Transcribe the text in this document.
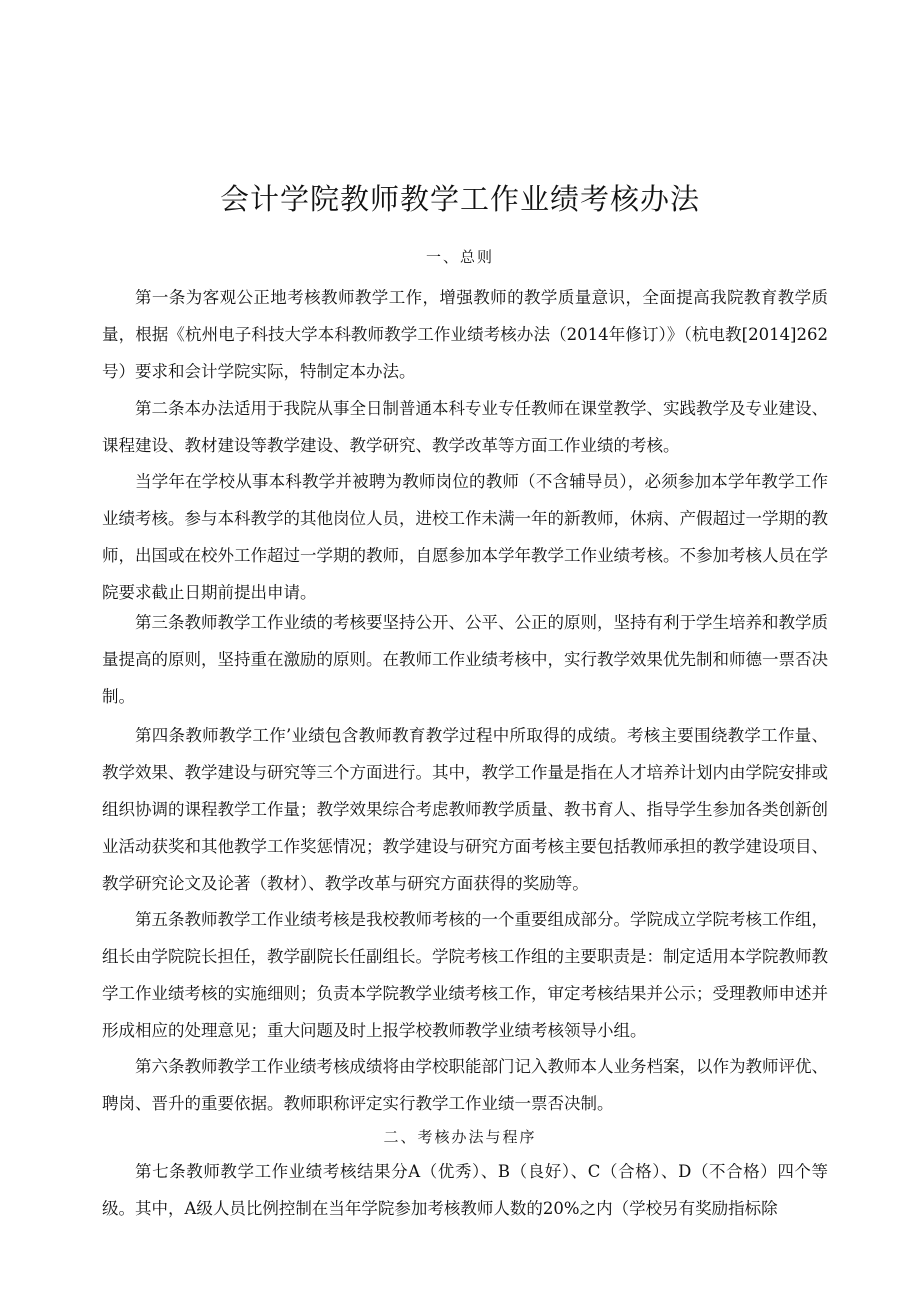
会计学院教师教学工作业绩考核办法
一、总则

第一条为客观公正地考核教师教学工作，增强教师的教学质量意识，全面提高我院教育教学质量，根据《杭州电子科技大学本科教师教学工作业绩考核办法（2014年修订）》（杭电教[2014]262号）要求和会计学院实际，特制定本办法。

第二条本办法适用于我院从事全日制普通本科专业专任教师在课堂教学、实践教学及专业建设、课程建设、教材建设等教学建设、教学研究、教学改革等方面工作业绩的考核。

当学年在学校从事本科教学并被聘为教师岗位的教师（不含辅导员），必须参加本学年教学工作业绩考核。参与本科教学的其他岗位人员，进校工作未满一年的新教师，休病、产假超过一学期的教师，出国或在校外工作超过一学期的教师，自愿参加本学年教学工作业绩考核。不参加考核人员在学院要求截止日期前提出申请。

第三条教师教学工作业绩的考核要坚持公开、公平、公正的原则，坚持有利于学生培养和教学质量提高的原则，坚持重在激励的原则。在教师工作业绩考核中，实行教学效果优先制和师德一票否决制。

第四条教师教学工作’业绩包含教师教育教学过程中所取得的成绩。考核主要围绕教学工作量、教学效果、教学建设与研究等三个方面进行。其中，教学工作量是指在人才培养计划内由学院安排或组织协调的课程教学工作量；教学效果综合考虑教师教学质量、教书育人、指导学生参加各类创新创业活动获奖和其他教学工作奖惩情况；教学建设与研究方面考核主要包括教师承担的教学建设项目、教学研究论文及论著（教材）、教学改革与研究方面获得的奖励等。

第五条教师教学工作业绩考核是我校教师考核的一个重要组成部分。学院成立学院考核工作组，组长由学院院长担任，教学副院长任副组长。学院考核工作组的主要职责是：制定适用本学院教师教学工作业绩考核的实施细则；负责本学院教学业绩考核工作，审定考核结果并公示；受理教师申述并形成相应的处理意见；重大问题及时上报学校教师教学业绩考核领导小组。

第六条教师教学工作业绩考核成绩将由学校职能部门记入教师本人业务档案，以作为教师评优、聘岗、晋升的重要依据。教师职称评定实行教学工作业绩一票否决制。

二、考核办法与程序

第七条教师教学工作业绩考核结果分A（优秀）、B（良好）、C（合格）、D（不合格）四个等级。其中，A级人员比例控制在当年学院参加考核教师人数的20%之内（学校另有奖励指标除
